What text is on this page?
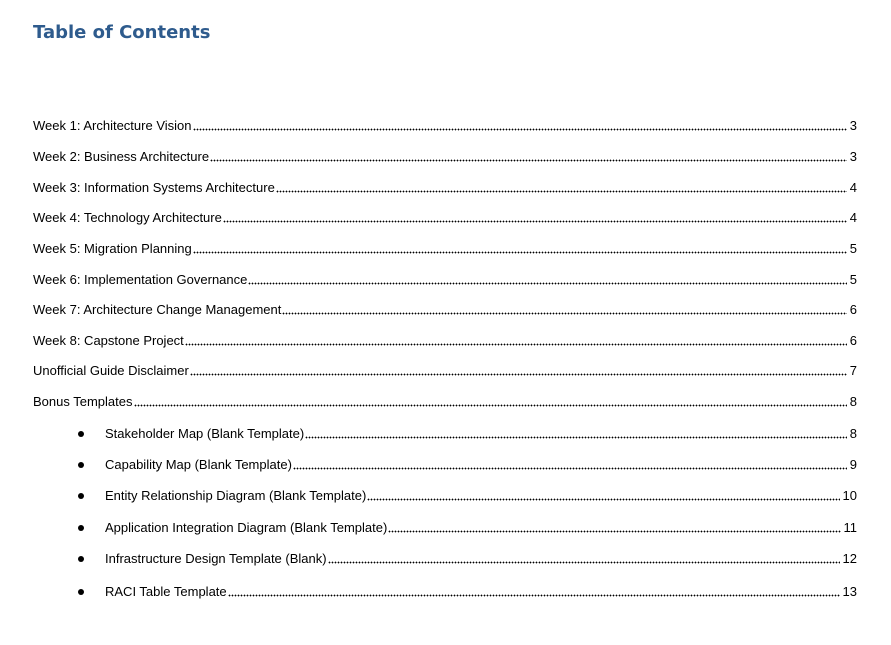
Table of Contents
Week 1: Architecture Vision	3
Week 2: Business Architecture	3
Week 3: Information Systems Architecture	4
Week 4: Technology Architecture	4
Week 5: Migration Planning	5
Week 6: Implementation Governance	5
Week 7: Architecture Change Management	6
Week 8: Capstone Project	6
Unofficial Guide Disclaimer	7
Bonus Templates	8
Stakeholder Map (Blank Template)	8
Capability Map (Blank Template)	9
Entity Relationship Diagram (Blank Template)	10
Application Integration Diagram (Blank Template)	11
Infrastructure Design Template (Blank)	12
RACI Table Template	13
